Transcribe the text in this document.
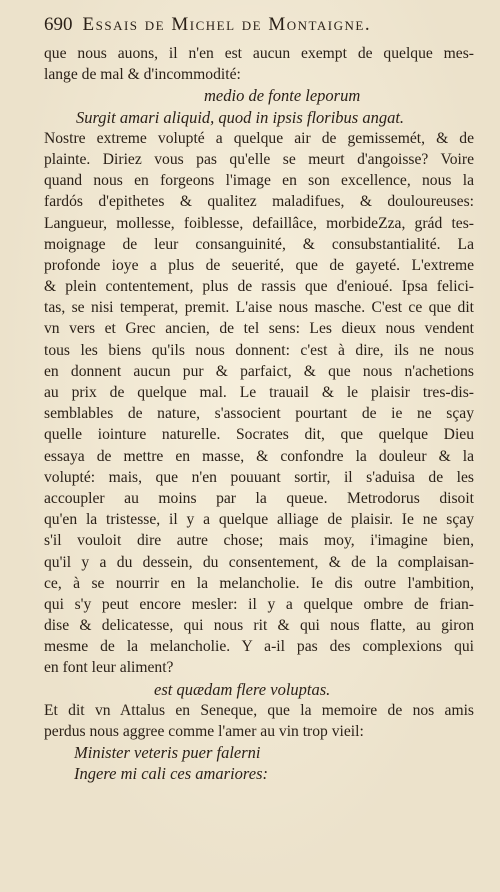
690 Essais de Michel de Montaigne.
que nous auons, il n'en est aucun exempt de quelque mes-
lange de mal & d'incommodité:
medio de fonte leporum
Surgit amari aliquid, quod in ipsis floribus angat.
Nostre extreme volupté a quelque air de gemissemét, & de
plainte. Diriez vous pas qu'elle se meurt d'angoisse? Voire
quand nous en forgeons l'image en son excellence, nous la
fardós d'epithetes & qualitez maladifues, & douloureuses:
Langueur, mollesse, foiblesse, defaillâce, morbideZza, grád tes-
moignage de leur consanguinité, & consubstantialité. La
profonde ioye a plus de seuerité, que de gayeté. L'extreme
& plein contentement, plus de rassis que d'enioué. Ipsa felici-
tas, se nisi temperat, premit. L'aise nous masche. C'est ce que dit
vn vers et Grec ancien, de tel sens: Les dieux nous vendent
tous les biens qu'ils nous donnent: c'est à dire, ils ne nous
en donnent aucun pur & parfaict, & que nous n'achetions
au prix de quelque mal. Le trauail & le plaisir tres-dis-
semblables de nature, s'associent pourtant de ie ne sçay
quelle iointure naturelle. Socrates dit, que quelque Dieu
essaya de mettre en masse, & confondre la douleur & la
volupté: mais, que n'en pouuant sortir, il s'aduisa de les
accoupler au moins par la queue. Metrodorus disoit
qu'en la tristesse, il y a quelque alliage de plaisir. Ie ne sçay
s'il vouloit dire autre chose; mais moy, i'imagine bien,
qu'il y a du dessein, du consentement, & de la complaisan-
ce, à se nourrir en la melancholie. Ie dis outre l'ambition,
qui s'y peut encore mesler: il y a quelque ombre de frian-
dise & delicatesse, qui nous rit & qui nous flatte, au giron
mesme de la melancholie. Y a-il pas des complexions qui
en font leur aliment?
est quædam flere voluptas.
Et dit vn Attalus en Seneque, que la memoire de nos amis
perdus nous aggree comme l'amer au vin trop vieil:
Minister veteris puer falerni
Ingere mi cali ces amariores:
